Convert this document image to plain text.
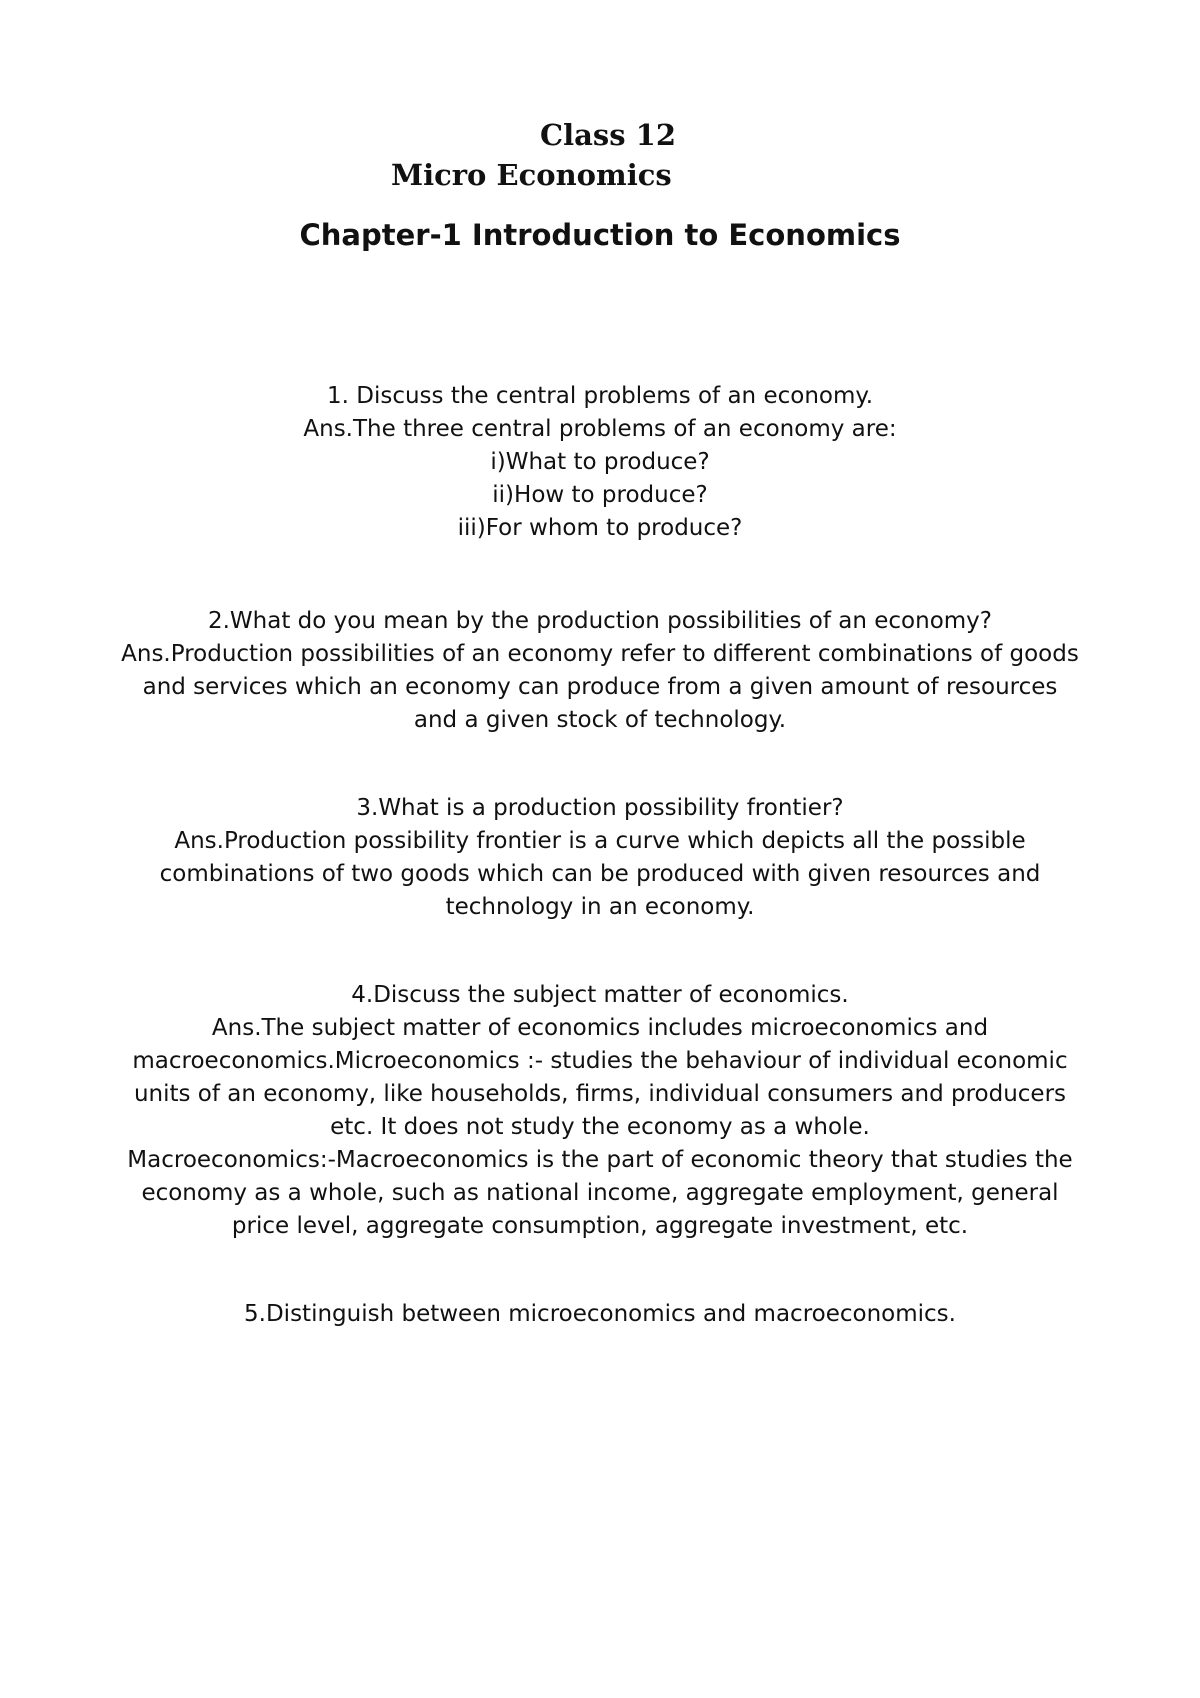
Class 12
Micro Economics
Chapter-1 Introduction to Economics

1. Discuss the central problems of an economy.

Ans.The three central problems of an economy are:

i)What to produce?

ii)How to produce?

iii)For whom to produce?

2.What do you mean by the production possibilities of an economy?

Ans.Production possibilities of an economy refer to different combinations of goods and services which an economy can produce from a given amount of resources and a given stock of technology.

3.What is a production possibility frontier?

Ans.Production possibility frontier is a curve which depicts all the possible combinations of two goods which can be produced with given resources and technology in an economy.

4.Discuss the subject matter of economics.

Ans.The subject matter of economics includes microeconomics and macroeconomics.Microeconomics :- studies the behaviour of individual economic units of an economy, like households, firms, individual consumers and producers etc. It does not study the economy as a whole.

Macroeconomics:-Macroeconomics is the part of economic theory that studies the economy as a whole, such as national income, aggregate employment, general price level, aggregate consumption, aggregate investment, etc.

5.Distinguish between microeconomics and macroeconomics.
